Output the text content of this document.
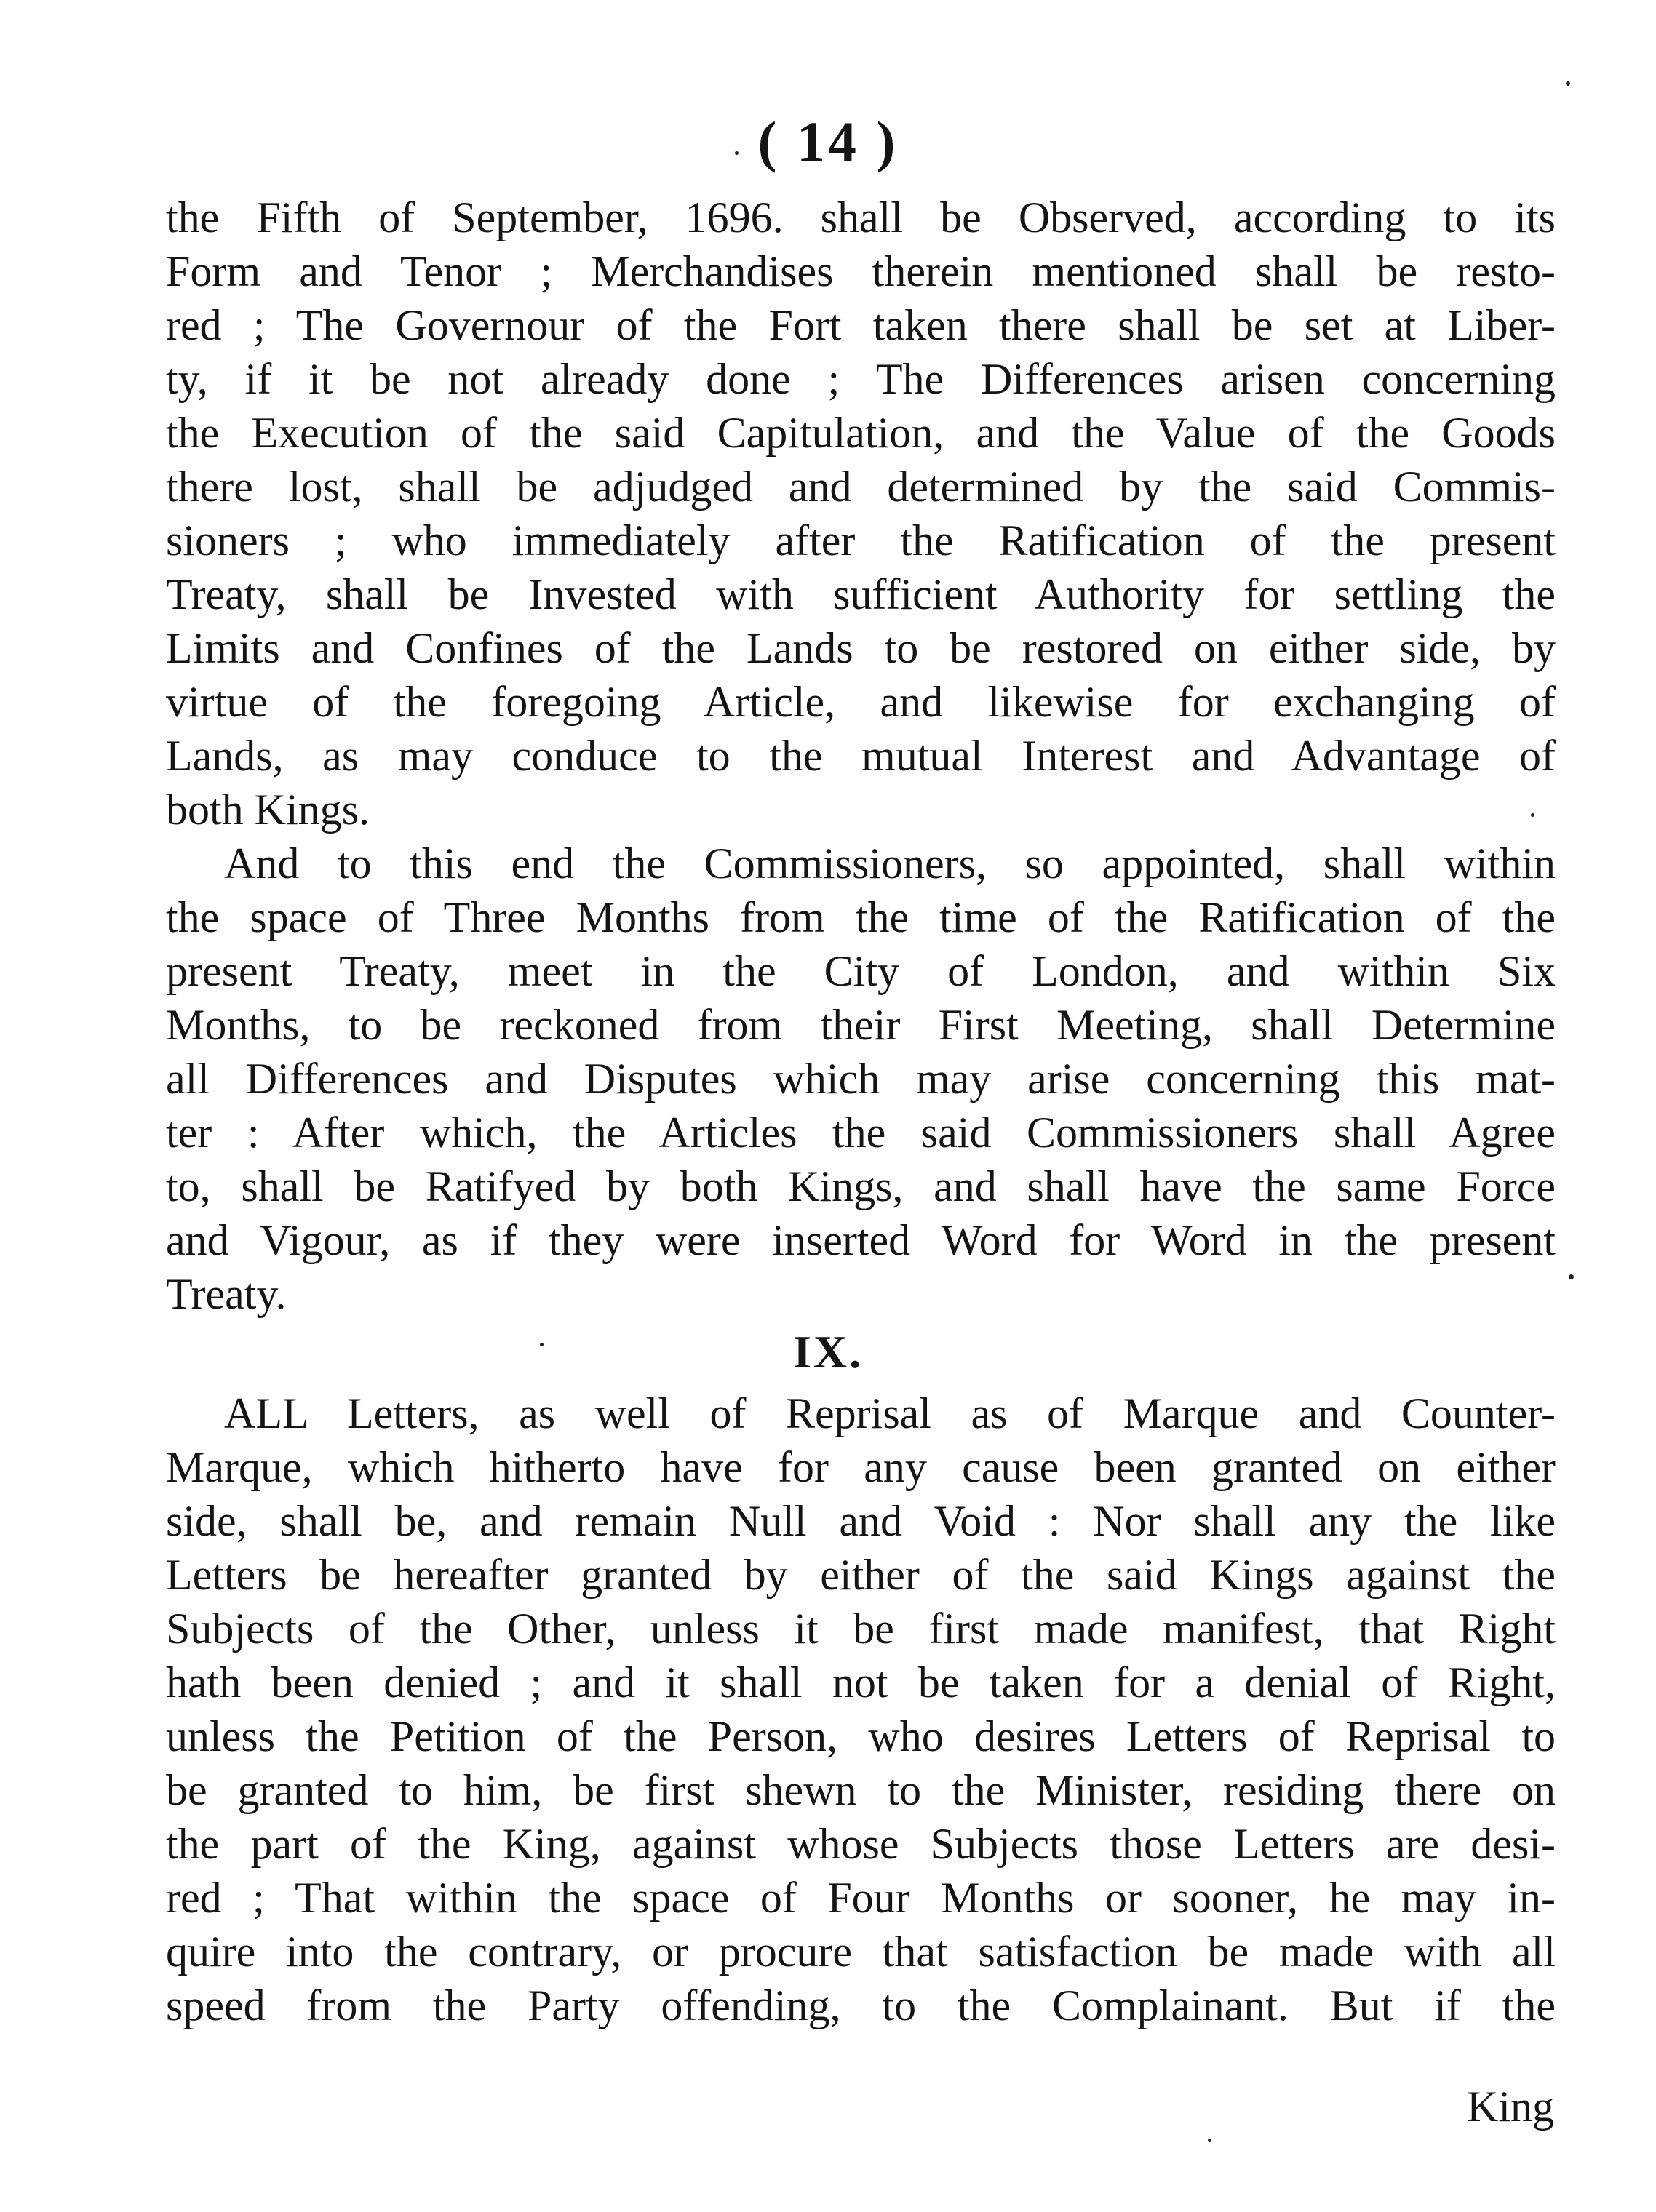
( 14 )
the Fifth of September, 1696. shall be Observed, according to its
Form and Tenor ; Merchandises therein mentioned shall be resto-
red ; The Governour of the Fort taken there shall be set at Liber-
ty, if it be not already done ; The Differences arisen concerning
the Execution of the said Capitulation, and the Value of the Goods
there lost, shall be adjudged and determined by the said Commis-
sioners ; who immediately after the Ratification of the present
Treaty, shall be Invested with sufficient Authority for settling the
Limits and Confines of the Lands to be restored on either side, by
virtue of the foregoing Article, and likewise for exchanging of
Lands, as may conduce to the mutual Interest and Advantage of
both Kings.
And to this end the Commissioners, so appointed, shall within
the space of Three Months from the time of the Ratification of the
present Treaty, meet in the City of London, and within Six
Months, to be reckoned from their First Meeting, shall Determine
all Differences and Disputes which may arise concerning this mat-
ter : After which, the Articles the said Commissioners shall Agree
to, shall be Ratifyed by both Kings, and shall have the same Force
and Vigour, as if they were inserted Word for Word in the present
Treaty.
IX.
ALL Letters, as well of Reprisal as of Marque and Counter-
Marque, which hitherto have for any cause been granted on either
side, shall be, and remain Null and Void : Nor shall any the like
Letters be hereafter granted by either of the said Kings against the
Subjects of the Other, unless it be first made manifest, that Right
hath been denied ; and it shall not be taken for a denial of Right,
unless the Petition of the Person, who desires Letters of Reprisal to
be granted to him, be first shewn to the Minister, residing there on
the part of the King, against whose Subjects those Letters are desi-
red ; That within the space of Four Months or sooner, he may in-
quire into the contrary, or procure that satisfaction be made with all
speed from the Party offending, to the Complainant. But if the
King
